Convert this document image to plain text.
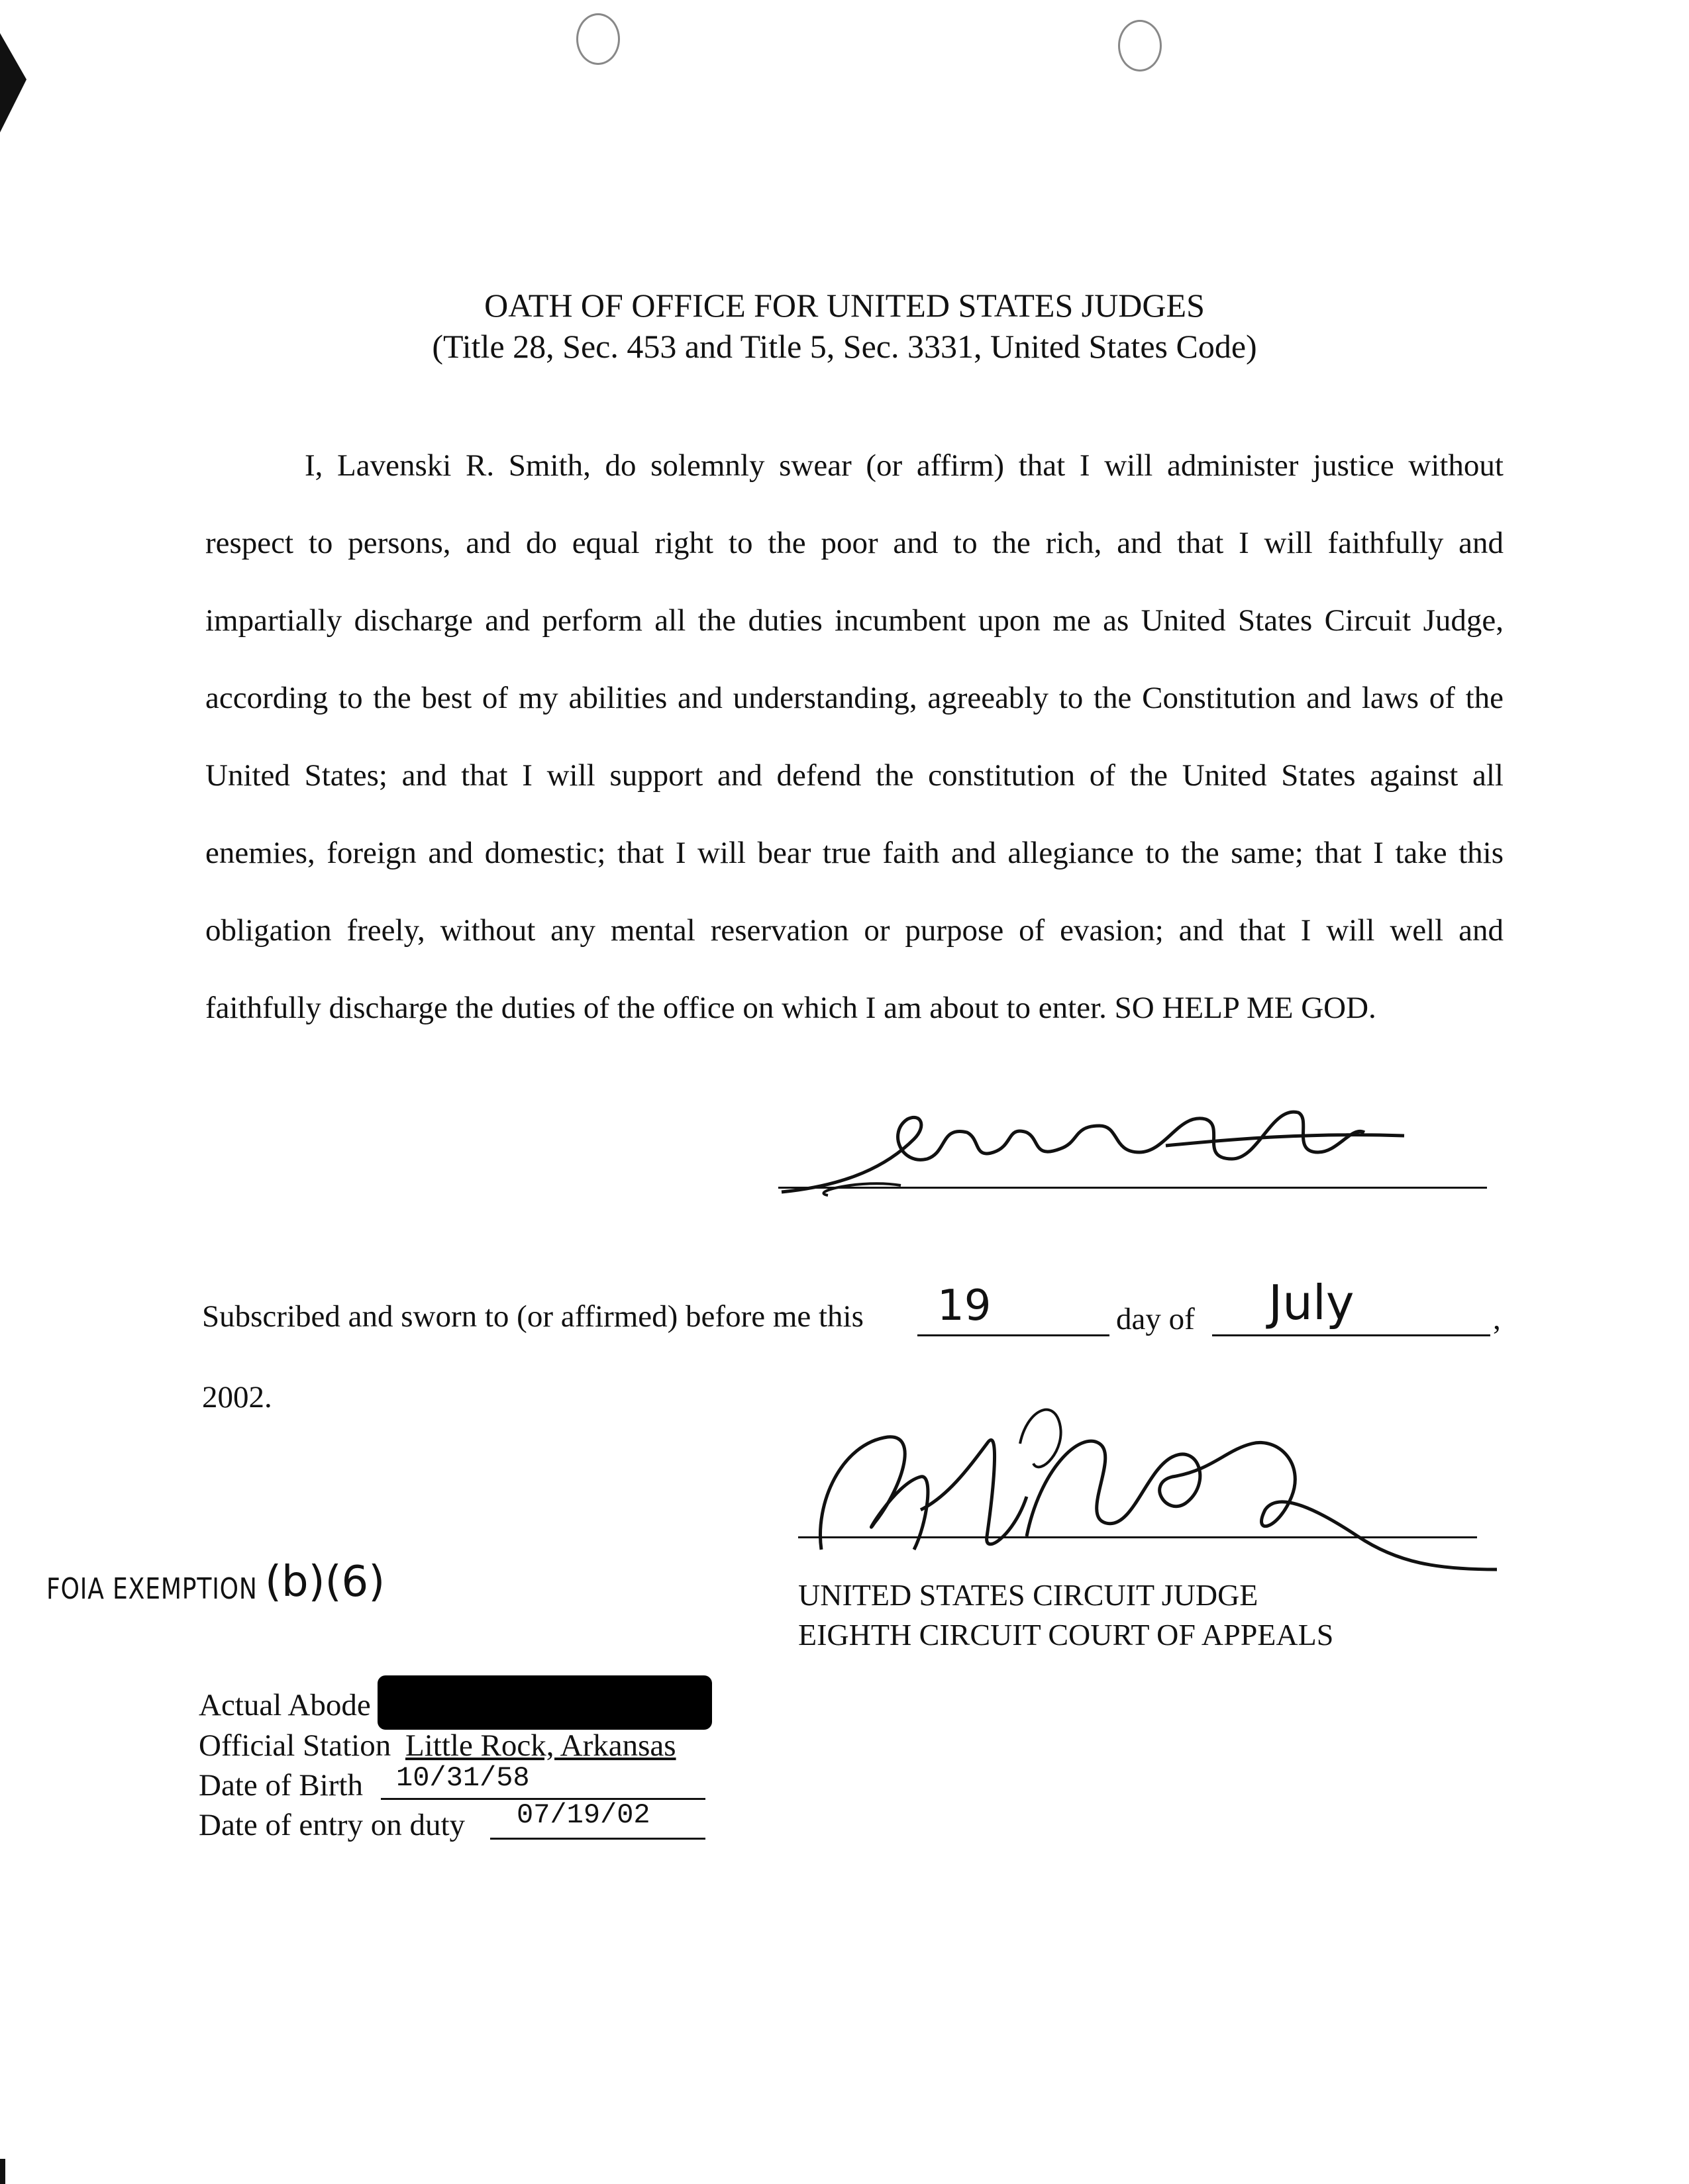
OATH OF OFFICE FOR UNITED STATES JUDGES
(Title 28, Sec. 453 and Title 5, Sec. 3331, United States Code)
I, Lavenski R. Smith, do solemnly swear (or affirm) that I will administer justice without respect to persons, and do equal right to the poor and to the rich, and that I will faithfully and impartially discharge and perform all the duties incumbent upon me as United States Circuit Judge, according to the best of my abilities and understanding, agreeably to the Constitution and laws of the United States; and that I will support and defend the constitution of the United States against all enemies, foreign and domestic; that I will bear true faith and allegiance to the same; that I take this obligation freely, without any mental reservation or purpose of evasion; and that I will well and faithfully discharge the duties of the office on which I am about to enter. SO HELP ME GOD.
Subscribed and sworn to (or affirmed) before me this 19	day of July	,
2002.
UNITED STATES CIRCUIT JUDGE
EIGHTH CIRCUIT COURT OF APPEALS
FOIA EXEMPTION (b)(6)
Actual Abode
Official Station Little Rock, Arkansas
Date of Birth 10/31/58
Date of entry on duty 07/19/02
